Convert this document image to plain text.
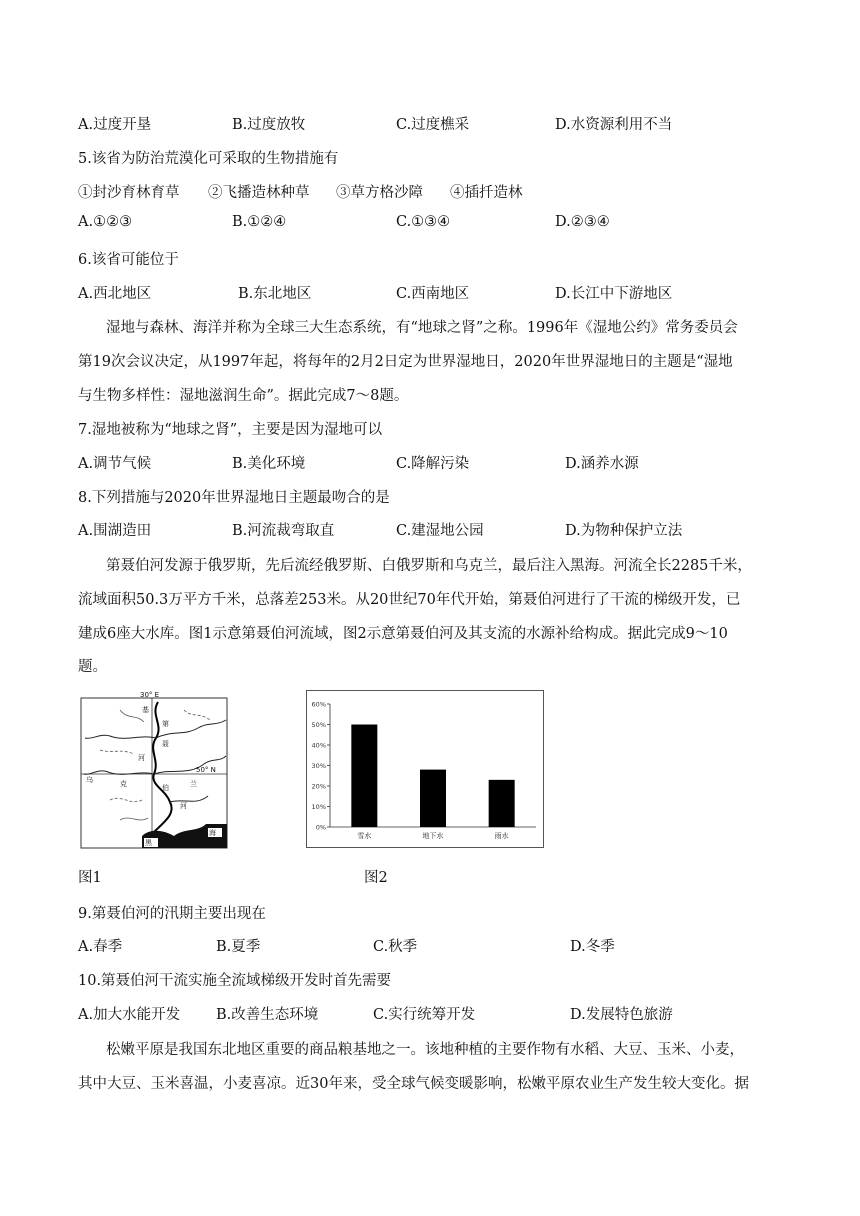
A.过度开垦	B.过度放牧	C.过度樵采	D.水资源利用不当
5.该省为防治荒漠化可采取的生物措施有
①封沙育林育草 ②飞播造林种草 ③草方格沙障 ④插扦造林
A.①②③	B.①②④	C.①③④	D.②③④
6.该省可能位于
A.西北地区	B.东北地区	C.西南地区	D.长江中下游地区
湿地与森林、海洋并称为全球三大生态系统，有“地球之肾”之称。1996年《湿地公约》常务委员会
第19次会议决定，从1997年起，将每年的2月2日定为世界湿地日，2020年世界湿地日的主题是“湿地
与生物多样性：湿地滋润生命”。据此完成7～8题。
7.湿地被称为“地球之肾”，主要是因为湿地可以
A.调节气候	B.美化环境	C.降解污染	D.涵养水源
8.下列措施与2020年世界湿地日主题最吻合的是
A.围湖造田	B.河流裁弯取直	C.建湿地公园	D.为物种保护立法
第聂伯河发源于俄罗斯，先后流经俄罗斯、白俄罗斯和乌克兰，最后注入黑海。河流全长2285千米，
流域面积50.3万平方千米，总落差253米。从20世纪70年代开始，第聂伯河进行了干流的梯级开发，已
建成6座大水库。图1示意第聂伯河流域，图2示意第聂伯河及其支流的水源补给构成。据此完成9～10
题。
30° E
50° N
第
聂
伯
河
乌	克	兰
黑
海
河
基
0%
10%
20%
30%
40%
50%
60%
雪水	地下水	雨水
图1	图2
9.第聂伯河的汛期主要出现在
A.春季	B.夏季	C.秋季	D.冬季
10.第聂伯河干流实施全流域梯级开发时首先需要
A.加大水能开发 B.改善生态环境	C.实行统筹开发	D.发展特色旅游
松嫩平原是我国东北地区重要的商品粮基地之一。该地种植的主要作物有水稻、大豆、玉米、小麦，
其中大豆、玉米喜温，小麦喜凉。近30年来，受全球气候变暖影响，松嫩平原农业生产发生较大变化。据
